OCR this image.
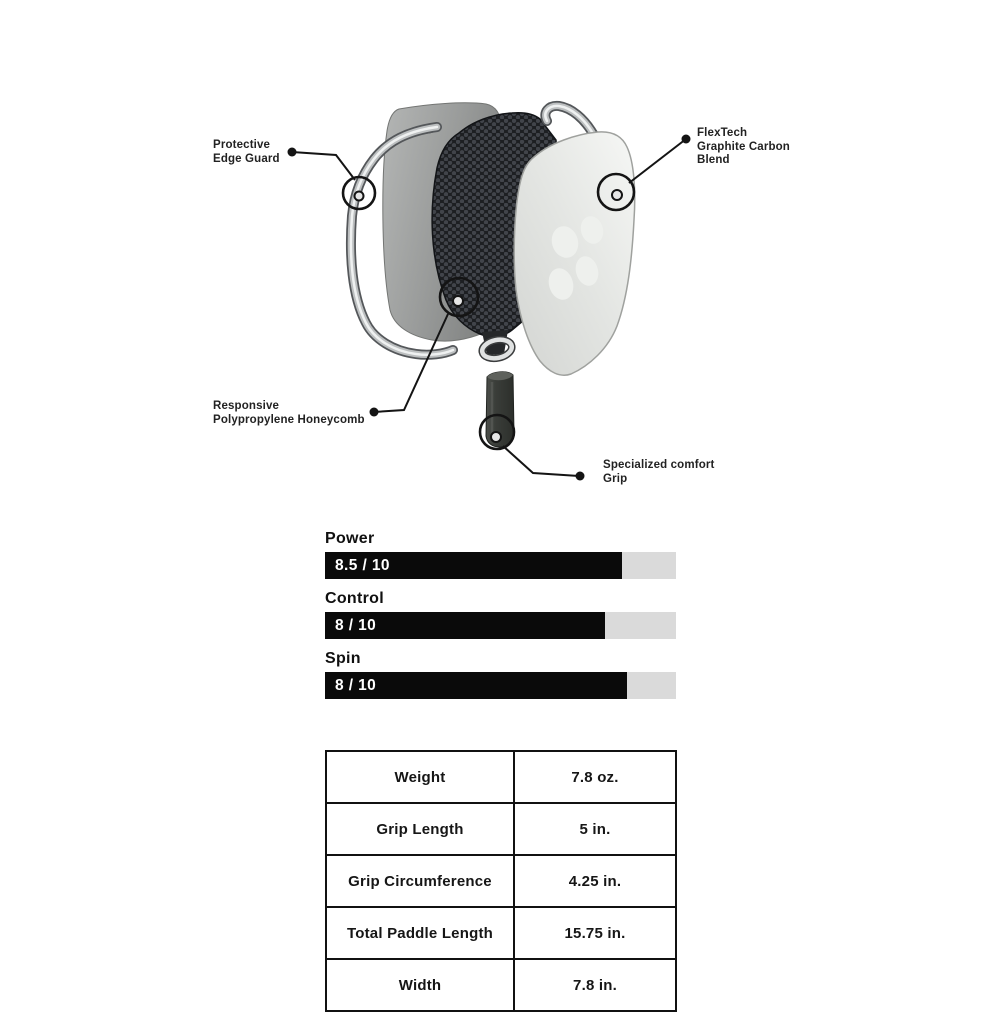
Protective
Edge Guard
FlexTech
Graphite Carbon
Blend
Responsive
Polypropylene Honeycomb
Specialized comfort
Grip
Power
8.5 / 10
Control
8 / 10
Spin
8 / 10
Weight	7.8 oz.
Grip Length	5 in.
Grip Circumference	4.25 in.
Total Paddle Length	15.75 in.
Width	7.8 in.
